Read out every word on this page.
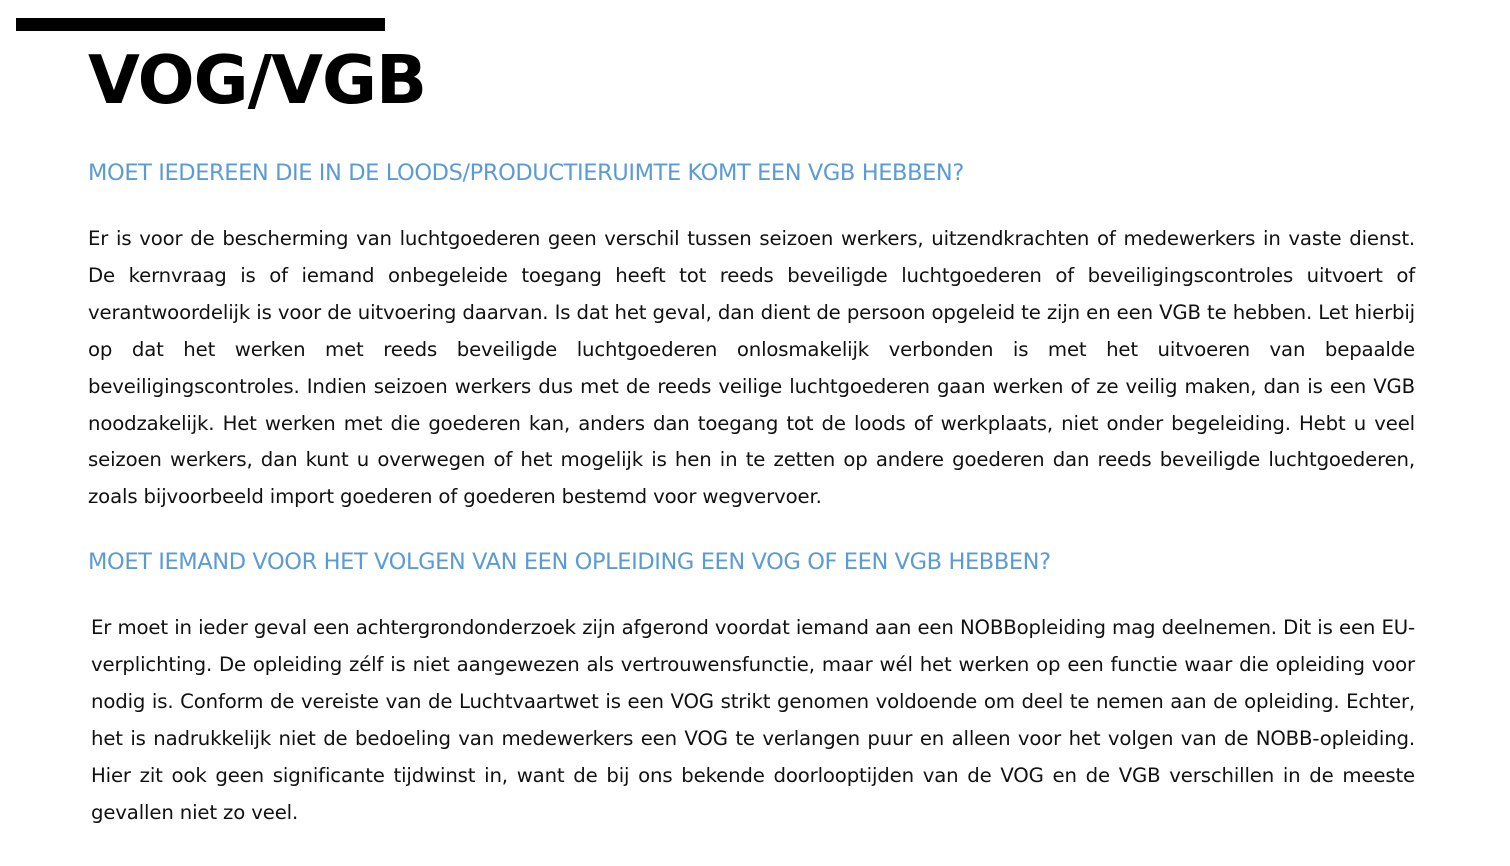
VOG/VGB
MOET IEDEREEN DIE IN DE LOODS/PRODUCTIERUIMTE KOMT EEN VGB HEBBEN?

Er is voor de bescherming van luchtgoederen geen verschil tussen seizoen werkers, uitzendkrachten of medewerkers in vaste dienst. De kernvraag is of iemand onbegeleide toegang heeft tot reeds beveiligde luchtgoederen of beveiligingscontroles uitvoert of verantwoordelijk is voor de uitvoering daarvan. Is dat het geval, dan dient de persoon opgeleid te zijn en een VGB te hebben. Let hierbij op dat het werken met reeds beveiligde luchtgoederen onlosmakelijk verbonden is met het uitvoeren van bepaalde beveiligingscontroles. Indien seizoen werkers dus met de reeds veilige luchtgoederen gaan werken of ze veilig maken, dan is een VGB noodzakelijk. Het werken met die goederen kan, anders dan toegang tot de loods of werkplaats, niet onder begeleiding. Hebt u veel seizoen werkers, dan kunt u overwegen of het mogelijk is hen in te zetten op andere goederen dan reeds beveiligde luchtgoederen, zoals bijvoorbeeld import goederen of goederen bestemd voor wegvervoer.

MOET IEMAND VOOR HET VOLGEN VAN EEN OPLEIDING EEN VOG OF EEN VGB HEBBEN?

Er moet in ieder geval een achtergrondonderzoek zijn afgerond voordat iemand aan een NOBBopleiding mag deelnemen. Dit is een EU-verplichting. De opleiding zélf is niet aangewezen als vertrouwensfunctie, maar wél het werken op een functie waar die opleiding voor nodig is. Conform de vereiste van de Luchtvaartwet is een VOG strikt genomen voldoende om deel te nemen aan de opleiding. Echter, het is nadrukkelijk niet de bedoeling van medewerkers een VOG te verlangen puur en alleen voor het volgen van de NOBB-opleiding. Hier zit ook geen significante tijdwinst in, want de bij ons bekende doorlooptijden van de VOG en de VGB verschillen in de meeste gevallen niet zo veel.
